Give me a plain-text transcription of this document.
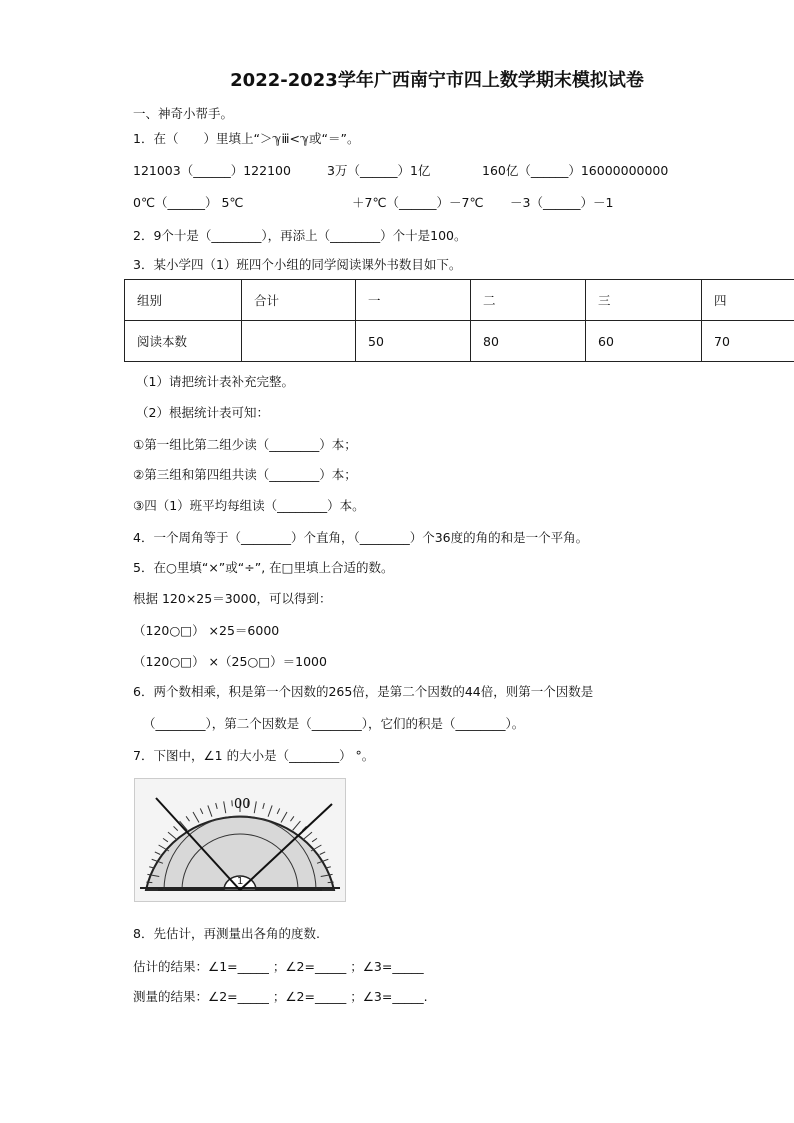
2022-2023学年广西南宁市四上数学期末模拟试卷
一、神奇小帮手。
1．在（　　）里填上“＞ℽⅲ<ℽ或“＝”。
121003（______）122100	3万（______）1亿	160亿（______）16000000000
0℃（______） 5℃	＋7℃（______）－7℃ －3（______）－1
2．9个十是（________），再添上（________）个十是100。
3．某小学四（1）班四个小组的同学阅读课外书数目如下。
组别	合计	一	二	三	四
阅读本数		50	80	60	70
（1）请把统计表补充完整。
（2）根据统计表可知：
①第一组比第二组少读（________）本；
②第三组和第四组共读（________）本；
③四（1）班平均每组读（________）本。
4．一个周角等于（________）个直角，（________）个36度的角的和是一个平角。
5．在○里填“×”或“÷”, 在□里填上合适的数。
根据 120×25＝3000，可以得到：
（120○□） ×25＝6000
（120○□） ×（25○□）＝1000
6．两个数相乘，积是第一个因数的265倍，是第二个因数的44倍，则第一个因数是
（________），第二个因数是（________），它们的积是（________）。
7．下图中，∠1 的大小是（________） °。
00
1
8．先估计，再测量出各角的度数.
估计的结果：∠1=_____ ；∠2=_____ ；∠3=_____
测量的结果：∠2=_____ ；∠2=_____ ；∠3=_____.
